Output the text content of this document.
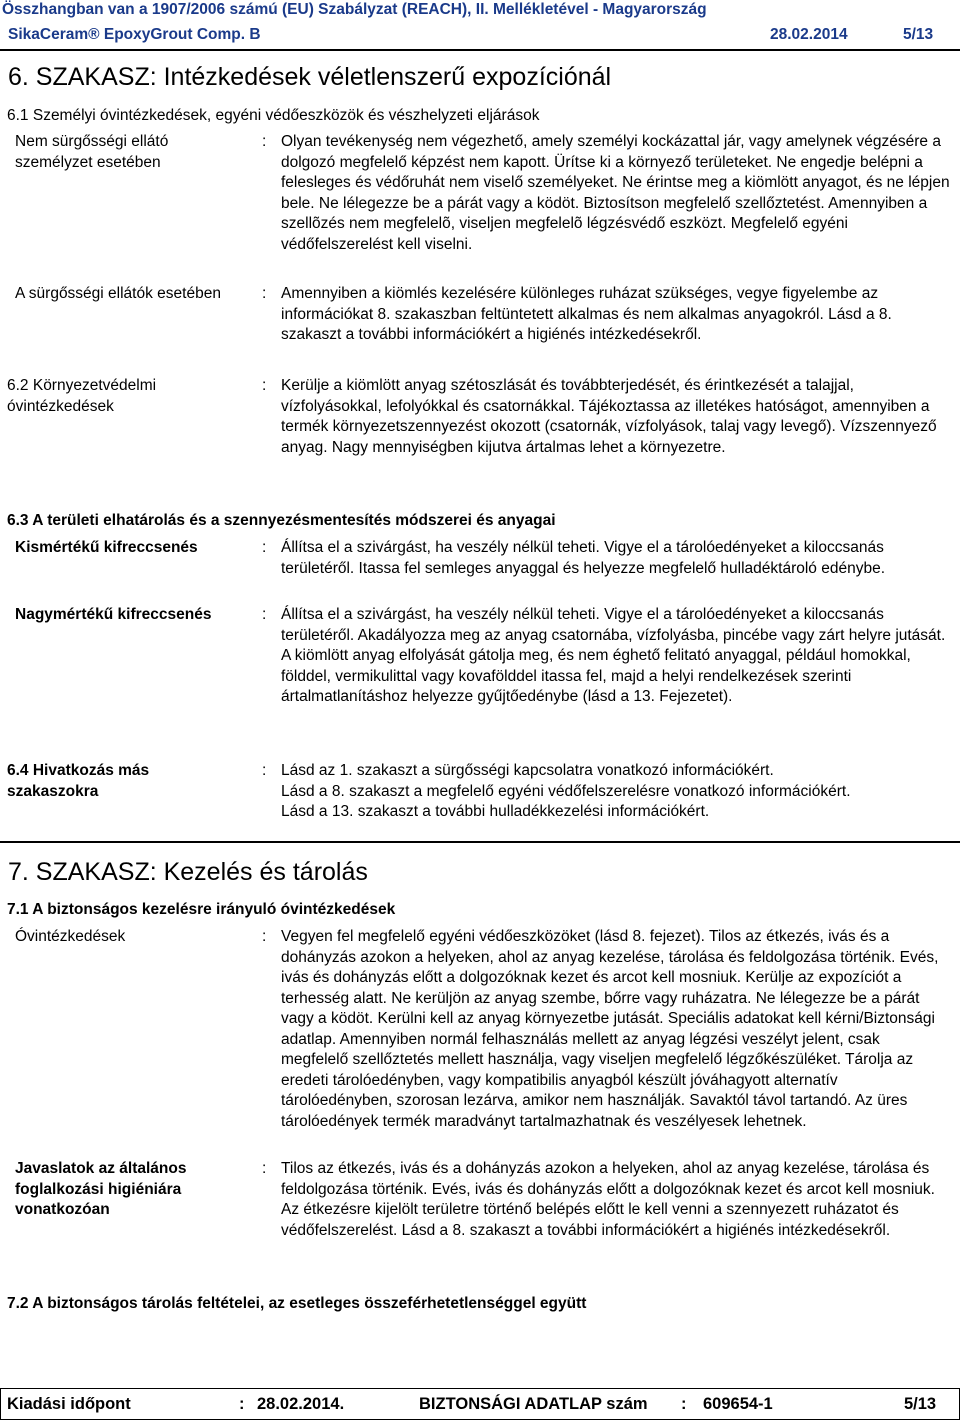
Összhangban van a 1907/2006 számú (EU) Szabályzat (REACH), II. Mellékletével - Magyarország
SikaCeram® EpoxyGrout Comp. B	28.02.2014	5/13
6. SZAKASZ: Intézkedések véletlenszerű expozíciónál
6.1 Személyi óvintézkedések, egyéni védőeszközök és vészhelyzeti eljárások
Nem sürgősségi ellátó személyzet esetében
: Olyan tevékenység nem végezhető, amely személyi kockázattal jár, vagy amelynek végzésére a dolgozó megfelelő képzést nem kapott. Ürítse ki a környező területeket. Ne engedje belépni a felesleges és védőruhát nem viselő személyeket. Ne érintse meg a kiömlött anyagot, és ne lépjen bele. Ne lélegezze be a párát vagy a ködöt. Biztosítson megfelelő szellőztetést. Amennyiben a szellõzés nem megfelelõ, viseljen megfelelõ légzésvédő eszközt. Megfelelő egyéni védőfelszerelést kell viselni.
A sürgősségi ellátók esetében	: Amennyiben a kiömlés kezelésére különleges ruházat szükséges, vegye figyelembe az információkat 8. szakaszban feltüntetett alkalmas és nem alkalmas anyagokról. Lásd a 8. szakaszt a további információkért a higiénés intézkedésekről.
6.2 Környezetvédelmi óvintézkedések
: Kerülje a kiömlött anyag szétoszlását és továbbterjedését, és érintkezését a talajjal, vízfolyásokkal, lefolyókkal és csatornákkal. Tájékoztassa az illetékes hatóságot, amennyiben a termék környezetszennyezést okozott (csatornák, vízfolyások, talaj vagy levegő). Vízszennyező anyag. Nagy mennyiségben kijutva ártalmas lehet a környezetre.
6.3 A területi elhatárolás és a szennyezésmentesítés módszerei és anyagai
Kismértékű kifreccsenés	: Állítsa el a szivárgást, ha veszély nélkül teheti. Vigye el a tárolóedényeket a kiloccsanás területéről. Itassa fel semleges anyaggal és helyezze megfelelő hulladéktároló edénybe.
Nagymértékű kifreccsenés	: Állítsa el a szivárgást, ha veszély nélkül teheti. Vigye el a tárolóedényeket a kiloccsanás területéről. Akadályozza meg az anyag csatornába, vízfolyásba, pincébe vagy zárt helyre jutását. A kiömlött anyag elfolyását gátolja meg, és nem éghető felitató anyaggal, például homokkal, földdel, vermikulittal vagy kovafölddel itassa fel, majd a helyi rendelkezések szerinti ártalmatlanításhoz helyezze gyűjtőedénybe (lásd a 13. Fejezetet).
6.4 Hivatkozás más szakaszokra
: Lásd az 1. szakaszt a sürgősségi kapcsolatra vonatkozó információkért.
Lásd a 8. szakaszt a megfelelő egyéni védőfelszerelésre vonatkozó információkért.
Lásd a 13. szakaszt a további hulladékkezelési információkért.
7. SZAKASZ: Kezelés és tárolás
7.1 A biztonságos kezelésre irányuló óvintézkedések
Óvintézkedések	: Vegyen fel megfelelő egyéni védőeszközöket (lásd 8. fejezet). Tilos az étkezés, ivás és a dohányzás azokon a helyeken, ahol az anyag kezelése, tárolása és feldolgozása történik. Evés, ivás és dohányzás előtt a dolgozóknak kezet és arcot kell mosniuk. Kerülje az expozíciót a terhesség alatt. Ne kerüljön az anyag szembe, bőrre vagy ruházatra. Ne lélegezze be a párát vagy a ködöt. Kerülni kell az anyag környezetbe jutását. Speciális adatokat kell kérni/Biztonsági adatlap. Amennyiben normál felhasználás mellett az anyag légzési veszélyt jelent, csak megfelelő szellőztetés mellett használja, vagy viseljen megfelelő légzőkészüléket. Tárolja az eredeti tárolóedényben, vagy kompatibilis anyagból készült jóváhagyott alternatív tárolóedényben, szorosan lezárva, amikor nem használják. Savaktól távol tartandó. Az üres tárolóedények termék maradványt tartalmazhatnak és veszélyesek lehetnek.
Javaslatok az általános foglalkozási higiéniára vonatkozóan
: Tilos az étkezés, ivás és a dohányzás azokon a helyeken, ahol az anyag kezelése, tárolása és feldolgozása történik. Evés, ivás és dohányzás előtt a dolgozóknak kezet és arcot kell mosniuk. Az étkezésre kijelölt területre történő belépés előtt le kell venni a szennyezett ruházatot és védőfelszerelést. Lásd a 8. szakaszt a további információkért a higiénés intézkedésekről.
7.2 A biztonságos tárolás feltételei, az esetleges összeférhetetlenséggel együtt
Kiadási időpont	: 28.02.2014.	BIZTONSÁGI ADATLAP szám : 609654-1	5/13
